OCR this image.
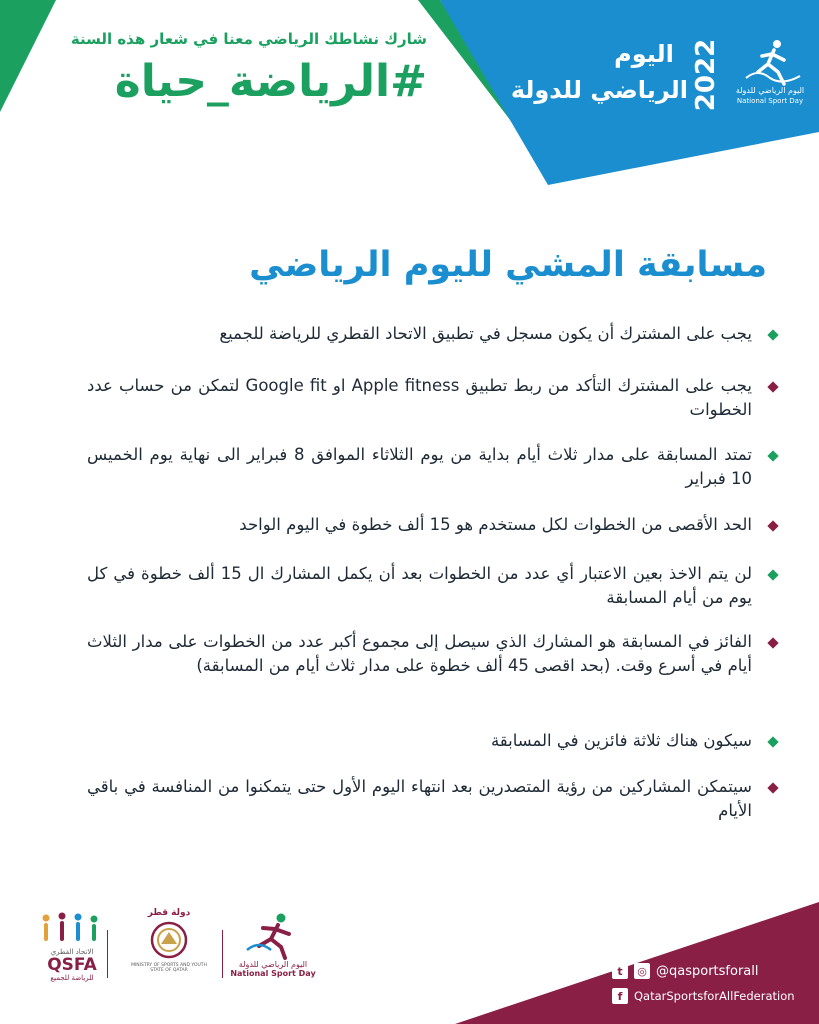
شارك نشاطك الرياضي معنا في شعار هذه السنة
#الرياضة_حياة
اليوم
الرياضي للدولة 2022	اليوم الرياضي للدولة
National Sport Day
مسابقة المشي لليوم الرياضي
يجب على المشترك أن يكون مسجل في تطبيق الاتحاد القطري للرياضة للجميع
يجب على المشترك التأكد من ربط تطبيق Apple fitness او Google fit لتمكن من حساب عدد الخطوات
تمتد المسابقة على مدار ثلاث أيام بداية من يوم الثلاثاء الموافق 8 فبراير الى نهاية يوم الخميس 10 فبراير
الحد الأقصى من الخطوات لكل مستخدم هو 15 ألف خطوة في اليوم الواحد
لن يتم الاخذ بعين الاعتبار أي عدد من الخطوات بعد أن يكمل المشارك ال 15 ألف خطوة في كل يوم من أيام المسابقة
الفائز في المسابقة هو المشارك الذي سيصل إلى مجموع أكبر عدد من الخطوات على مدار الثلاث أيام في أسرع وقت. (بحد اقصى 45 ألف خطوة على مدار ثلاث أيام من المسابقة)
سيكون هناك ثلاثة فائزين في المسابقة
سيتمكن المشاركين من رؤية المتصدرين بعد انتهاء اليوم الأول حتى يتمكنوا من المنافسة في باقي الأيام
الاتحاد القطري
QSFA
للرياضة للجميع
دولة قطر
MINISTRY OF SPORTS AND YOUTH
STATE OF QATAR
اليوم الرياضي للدولة
National Sport Day	t	◎ @qasportsforall
f	QatarSportsforAllFederation
